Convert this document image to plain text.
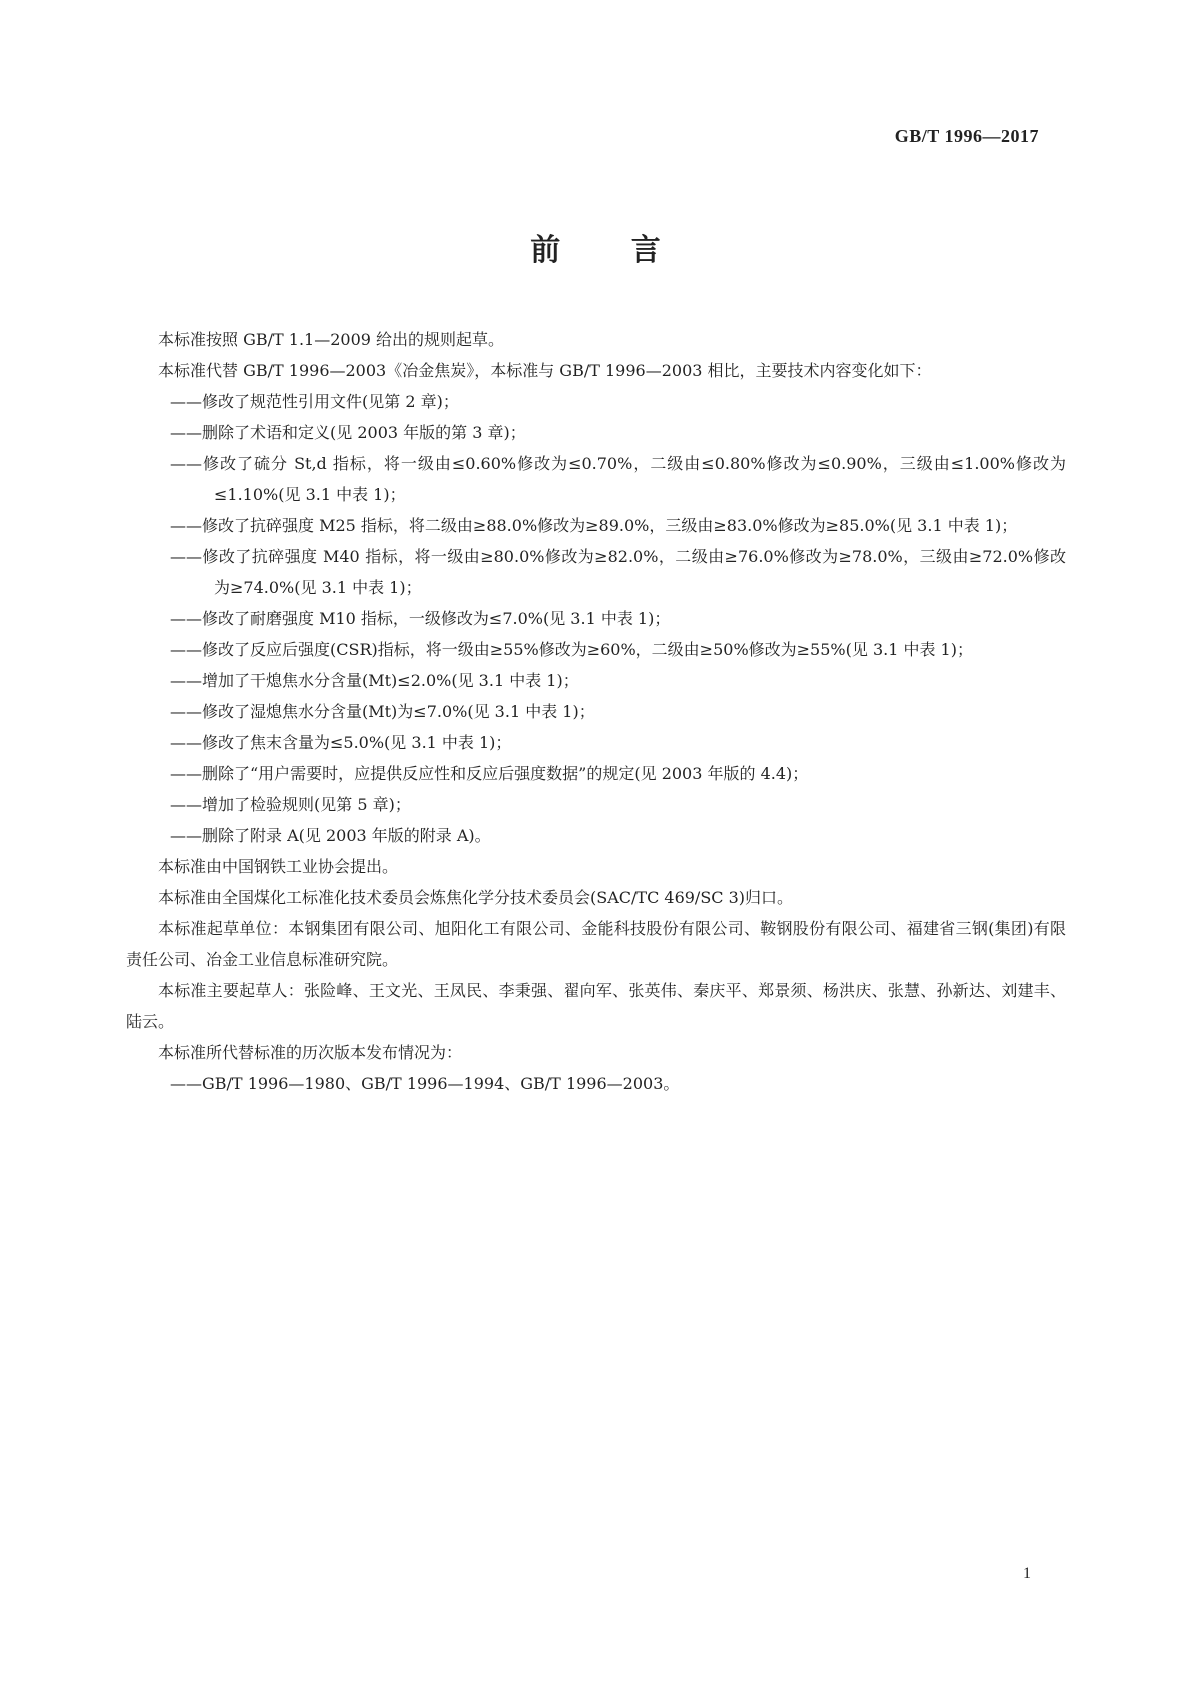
GB/T 1996—2017
前 言

本标准按照 GB/T 1.1—2009 给出的规则起草。

本标准代替 GB/T 1996—2003《冶金焦炭》，本标准与 GB/T 1996—2003 相比，主要技术内容变化如下：

——修改了规范性引用文件(见第 2 章)；

——删除了术语和定义(见 2003 年版的第 3 章)；

——修改了硫分 St,d 指标，将一级由≤0.60%修改为≤0.70%，二级由≤0.80%修改为≤0.90%，三级由≤1.00%修改为≤1.10%(见 3.1 中表 1)；

——修改了抗碎强度 M25 指标，将二级由≥88.0%修改为≥89.0%，三级由≥83.0%修改为≥85.0%(见 3.1 中表 1)；

——修改了抗碎强度 M40 指标，将一级由≥80.0%修改为≥82.0%，二级由≥76.0%修改为≥78.0%，三级由≥72.0%修改为≥74.0%(见 3.1 中表 1)；

——修改了耐磨强度 M10 指标，一级修改为≤7.0%(见 3.1 中表 1)；

——修改了反应后强度(CSR)指标，将一级由≥55%修改为≥60%，二级由≥50%修改为≥55%(见 3.1 中表 1)；

——增加了干熄焦水分含量(Mt)≤2.0%(见 3.1 中表 1)；

——修改了湿熄焦水分含量(Mt)为≤7.0%(见 3.1 中表 1)；

——修改了焦末含量为≤5.0%(见 3.1 中表 1)；

——删除了“用户需要时，应提供反应性和反应后强度数据”的规定(见 2003 年版的 4.4)；

——增加了检验规则(见第 5 章)；

——删除了附录 A(见 2003 年版的附录 A)。

本标准由中国钢铁工业协会提出。

本标准由全国煤化工标准化技术委员会炼焦化学分技术委员会(SAC/TC 469/SC 3)归口。

本标准起草单位：本钢集团有限公司、旭阳化工有限公司、金能科技股份有限公司、鞍钢股份有限公司、福建省三钢(集团)有限责任公司、冶金工业信息标准研究院。

本标准主要起草人：张险峰、王文光、王凤民、李秉强、翟向军、张英伟、秦庆平、郑景须、杨洪庆、张慧、孙新达、刘建丰、陆云。

本标准所代替标准的历次版本发布情况为：

——GB/T 1996—1980、GB/T 1996—1994、GB/T 1996—2003。

1
